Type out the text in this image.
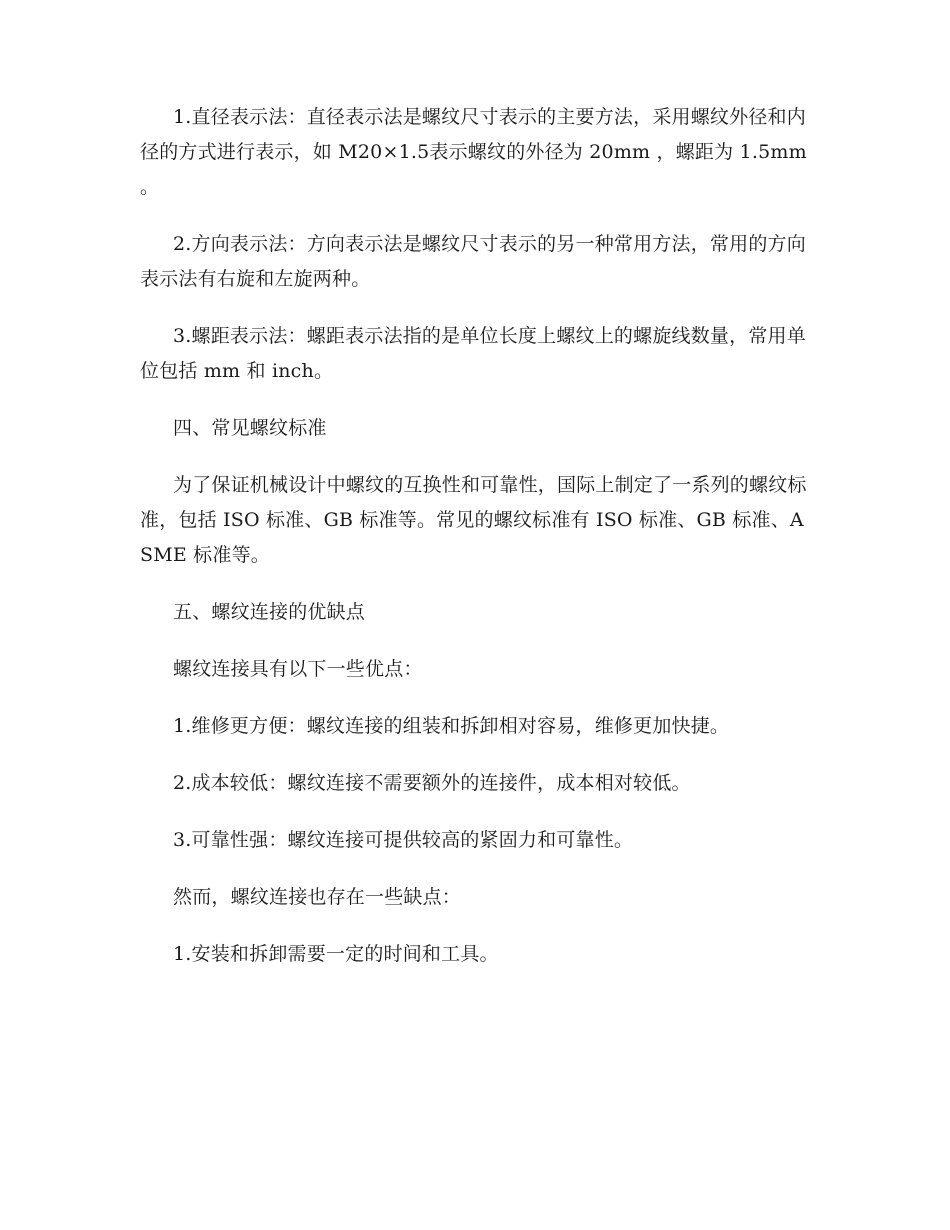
1.直径表示法：直径表示法是螺纹尺寸表示的主要方法，采用螺纹外径和内径的方式进行表示，如 M20×1.5表示螺纹的外径为 20mm ，螺距为 1.5mm 。

2.方向表示法：方向表示法是螺纹尺寸表示的另一种常用方法，常用的方向表示法有右旋和左旋两种。

3.螺距表示法：螺距表示法指的是单位长度上螺纹上的螺旋线数量，常用单位包括 mm 和 inch。

四、常见螺纹标准

为了保证机械设计中螺纹的互换性和可靠性，国际上制定了一系列的螺纹标准，包括 ISO 标准、GB 标准等。常见的螺纹标准有 ISO 标准、GB 标准、ASME 标准等。

五、螺纹连接的优缺点

螺纹连接具有以下一些优点：

1.维修更方便：螺纹连接的组装和拆卸相对容易，维修更加快捷。

2.成本较低：螺纹连接不需要额外的连接件，成本相对较低。

3.可靠性强：螺纹连接可提供较高的紧固力和可靠性。

然而，螺纹连接也存在一些缺点：

1.安装和拆卸需要一定的时间和工具。
